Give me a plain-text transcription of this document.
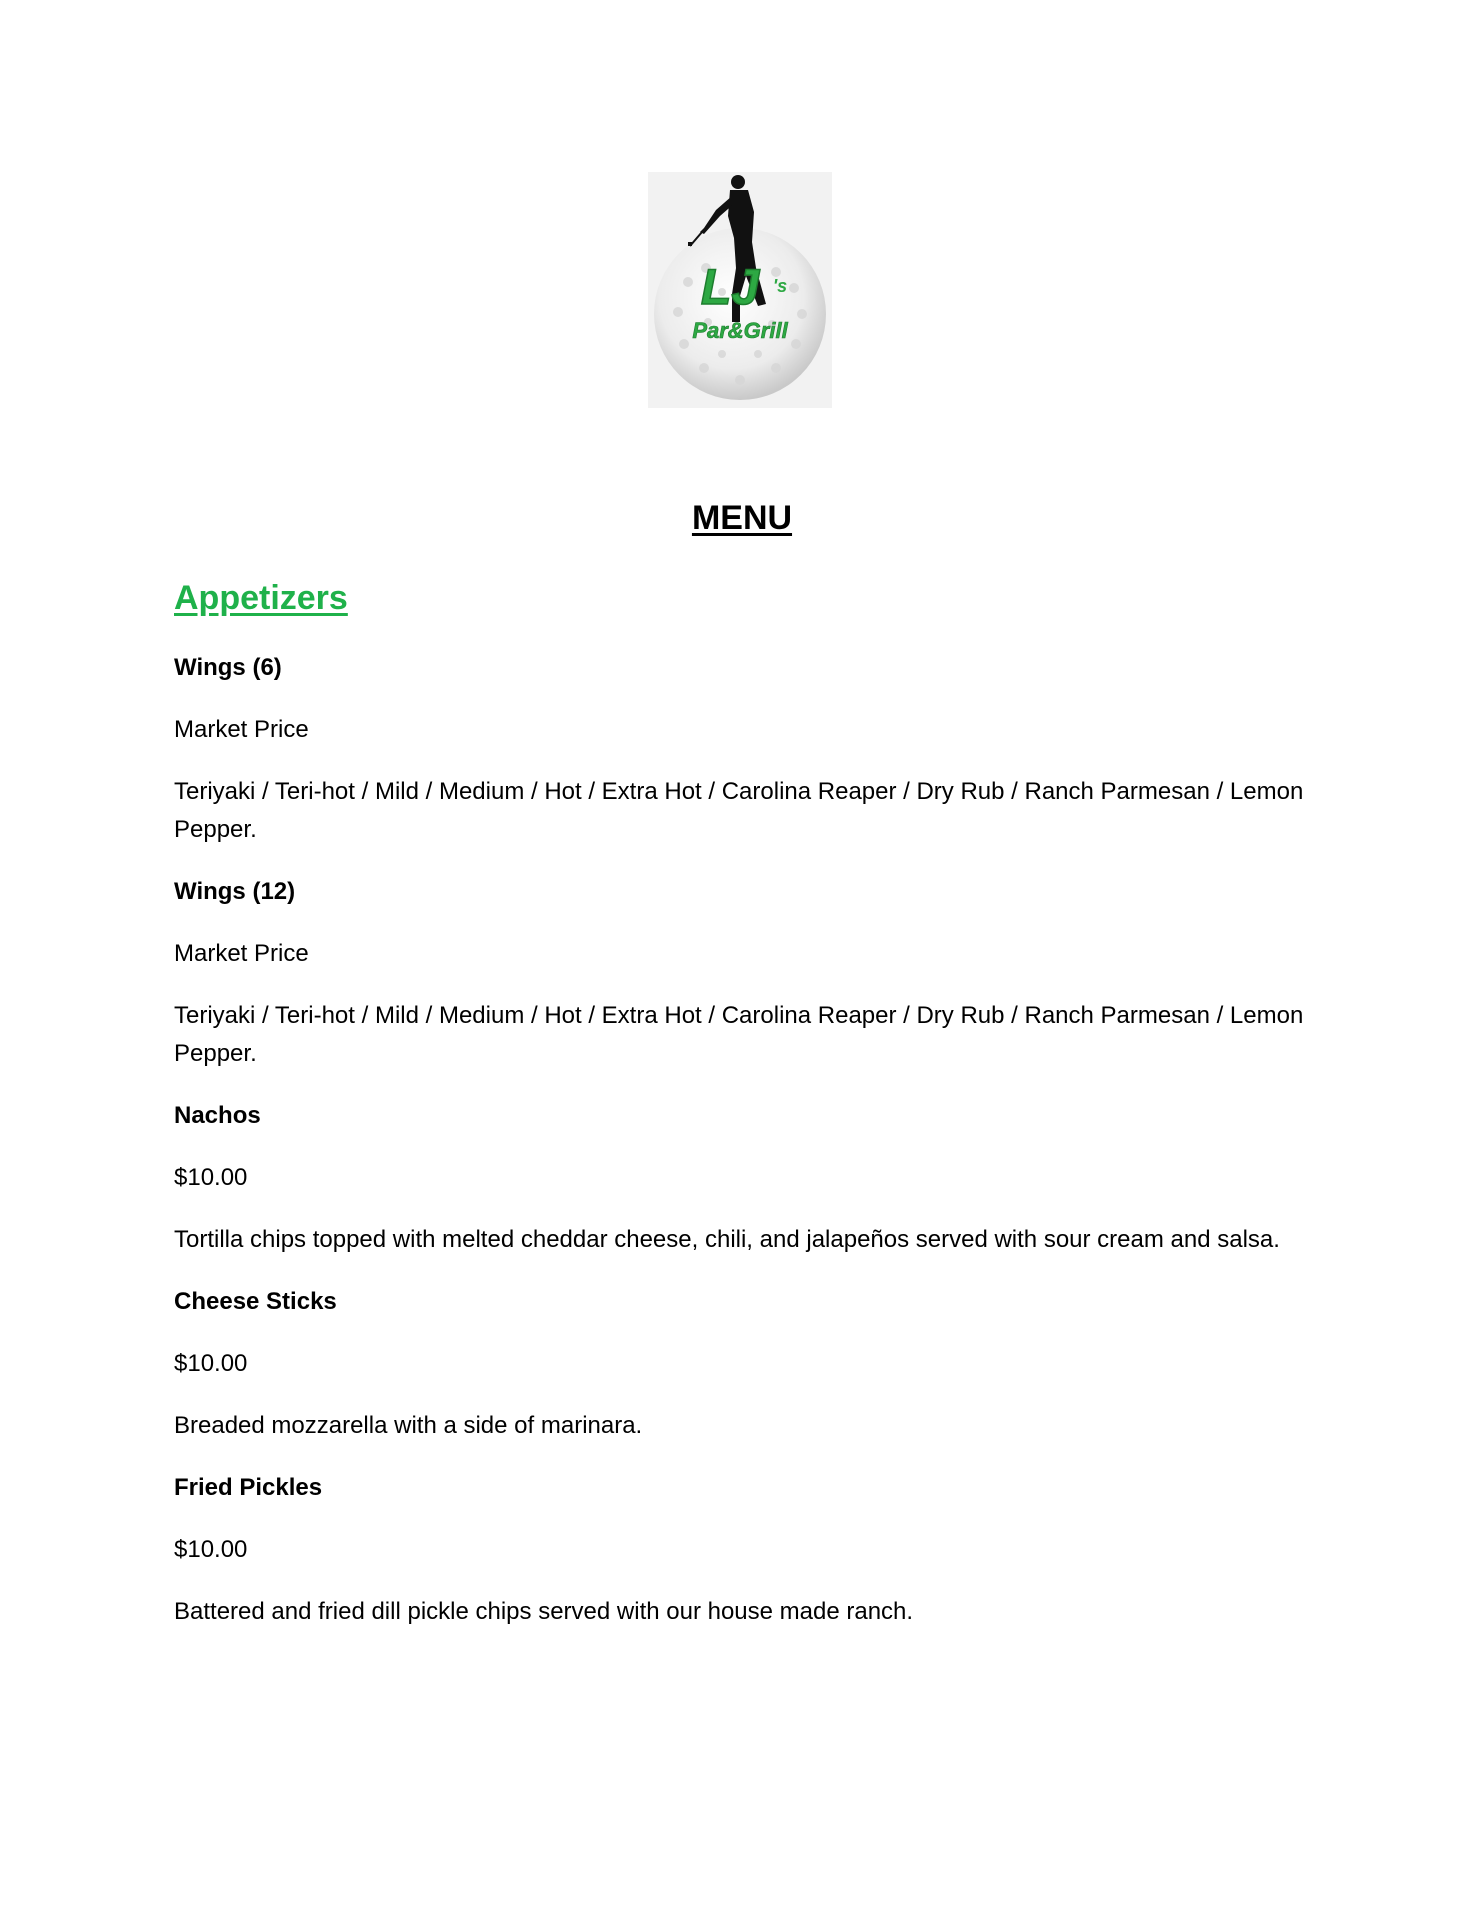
LJ 's
Par&Grill
MENU
Appetizers
Wings (6)
Market Price
Teriyaki / Teri-hot / Mild / Medium / Hot / Extra Hot / Carolina Reaper / Dry Rub / Ranch Parmesan / Lemon Pepper.
Wings (12)
Market Price
Teriyaki / Teri-hot / Mild / Medium / Hot / Extra Hot / Carolina Reaper / Dry Rub / Ranch Parmesan / Lemon Pepper.
Nachos
$10.00
Tortilla chips topped with melted cheddar cheese, chili, and jalapeños served with sour cream and salsa.
Cheese Sticks
$10.00
Breaded mozzarella with a side of marinara.
Fried Pickles
$10.00
Battered and fried dill pickle chips served with our house made ranch.
